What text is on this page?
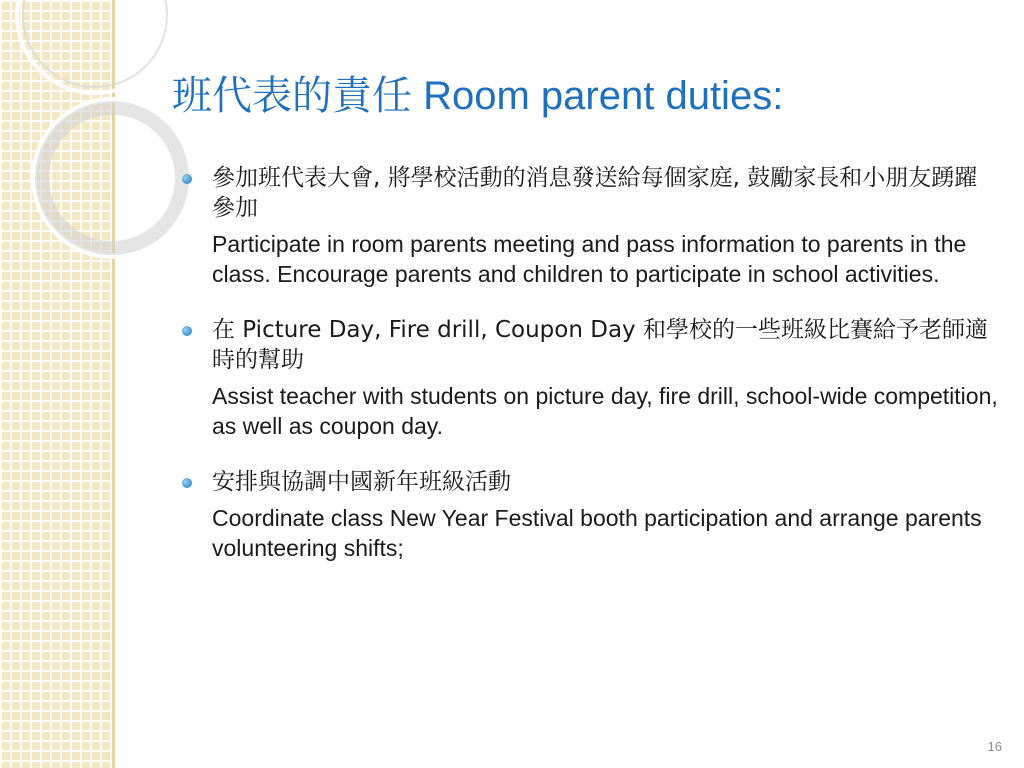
班代表的責任 Room parent duties:
參加班代表大會, 將學校活動的消息發送給每個家庭, 鼓勵家長和小朋友踴躍參加
Participate in room parents meeting and pass information to parents in the class. Encourage parents and children to participate in school activities.
在 Picture Day, Fire drill, Coupon Day 和學校的一些班級比賽給予老師適時的幫助
Assist teacher with students on picture day, fire drill, school-wide competition, as well as coupon day.
安排與協調中國新年班級活動
Coordinate class New Year Festival booth participation and arrange parents volunteering shifts;
16
